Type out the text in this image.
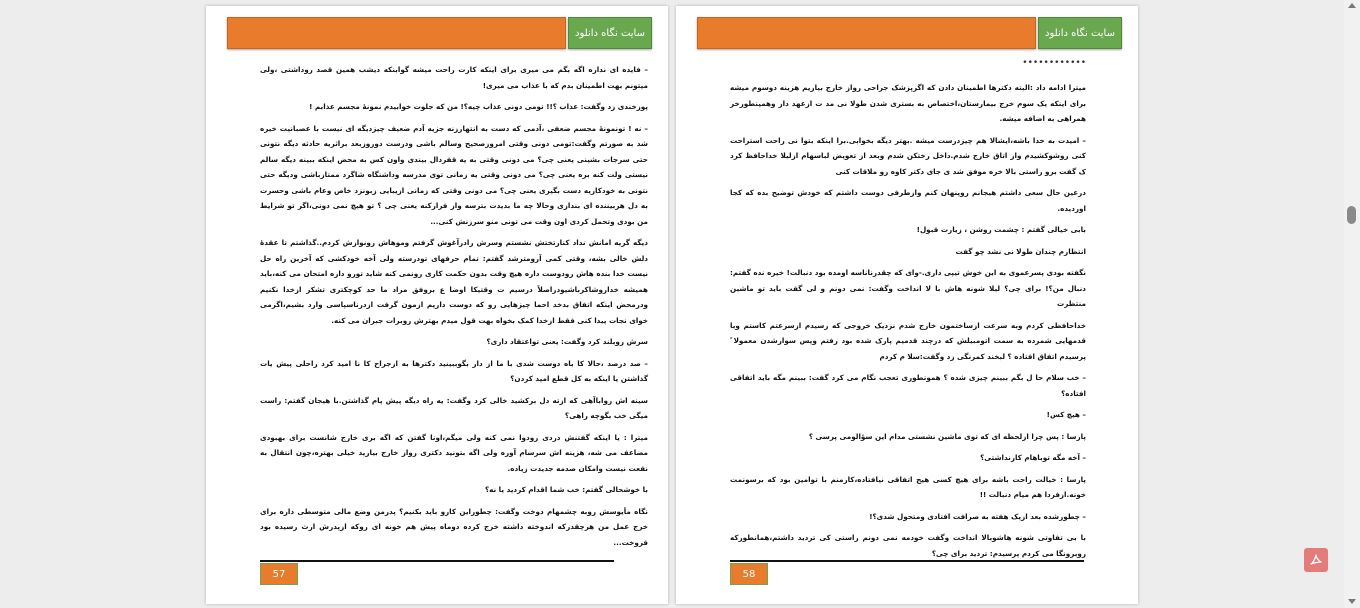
سایت نگاه دانلود

– فایده ای نداره اگه بگم می میری برای اینکه کارت راحت میشه گوابنکه دیشب همین قصد روداشتی ،ولی میتونم بهت اطمینان بدم که با عذاب می میری!

پوزخندی زد وگفت: عذاب ؟!! تومی دونی عذاب چیه؟! من که جلوت خوابیدم نمونهٔ مجسم عذابم !

– نه ! تونمونهٔ مجسم ضعفی ،آدمی که دست به انتهارزنه جزیه آدم ضعیف چیزدیگه ای نیست با عصبانیت خیره شد به صورتم وگفت:تومی دونی وقتی امروزصحیح وسالم باشی ودرست دوروزبعد براثریه حادثه دیگه نتونی حتی سرجات بشینی یعنی چی؟ می دونی وقتی به یه قفردال بیندی واون کس به محض اینکه ببینه دیگه سالم نیستی ولت کنه بره یعنی چی؟ می دونی وقتی یه زمانی توی مدرسه وداشنگاه شاگرد ممتازباشی ودیگه حتی نتونی به خودکاریه دست بگیری یعنی چی؟ می دونی وقتی که زمانی ازیبایی زبونزد خاص وعام باشی وحسرت به دل هربیننده ای بندازی وحالا چه ما بدیدت بترسه واز فرارکنه یعنی چی ؟ تو هیچ نمی دونی،اگر تو شرایط من بودی وتحمل کردی اون وقت می تونی منو سرزنش کنی...

دیگه گریه امانش نداد کنارتختش نشستم وسرش رادرآغوش گرفتم وموهاش رونوازش کردم..گذاشتم تا عقدهٔ دلش خالی بشه، وقتی کمی آرومترشد گفتم: تمام حرفهای تودرسته ولی آخه خودکشی که آخرین راه حل نیست خدا بنده هاش رودوست داره هیچ وقت بدون حکمت کاری رونمی کنه شاید تورو داره امتحان می کنه،باید همیشه خداروشاکرباشیودراصلاً درسیم ت وقتیکا اوضا ع بروفق مراد ما حد کوچکتری تشکر ازخدا نکنیم ودرمحض اینکه اتفاق بدخد احما چیزهایی رو که دوست داریم ازمون گرفت ازدرناسپاسی وارد بشیم،اگرمی خوای نجات پیدا کنی فقط ازخدا کمک بخواه بهت قول میدم بهترش روبرات جبران می کنه.

سرش روبلند کرد وگفت: یعنی تواعتقاد داری؟

– صد درصد ،حالا کا باه دوست شدی با ما از دار بگوببینید دکترها به ازجراح کا نا امید کرد راحلی پیش یات گذاشتن یا اینکه به کل قطع امید کردن؟

سینه اش رواباآهی که ازته دل برکشید خالی کرد وگفت: یه راه دیگه پیش پام گذاشتن.با هیجان گفتم: راست میگی خب بگوچه راهی؟

میترا : یا اینکه گفتنش دردی رودوا نمی کنه ولی میگم،اونا گفتن که اگه بری خارج شانست برای بهبودی مضاعف می شه، هزینه اش سرسام آوره ولی اگه بتونید دکتری رواز خارج بیارید خیلی بهتره،چون انتقال به نقعت نیست وامکان صدمه جدیدت زیاده.

با خوشحالی گفتم: خب شما اقدام کردید یا نه؟

نگاه مأیوسش روبه چشمهام دوخت وگفت: چطوراین کارو باید بکنیم؟ پدرمن وضع مالی متوسطی داره برای خرج عمل من هرچقدرکه اندوخته داشته خرج کرده دوماه پیش هم خونه ای روکه ازپدرش ارث رسیده بود فروخت...

57
سایت نگاه دانلود
••••••••••••

میترا ادامه داد :البته دکترها اطمینان دادن که اگرپزشک جراحی رواز خارج بیاریم هزینه دوسوم میشه برای اینکه یک سوم خرج بیمارستان،اختصاص به بستری شدن طولا نی مد ت ازعهد دار وهمینطورخر همراهی به اضافه میشه.

– امیدت به خدا باشه،ایشالا هم چیزدرست میشه .بهتر دیگه بخوابی.برا اینکه بتوا نی راحت استراحت کنی روشوکشیدم واز اتاق خارج شدم.داخل رختکن شدم وبعد از تعویض لباسهام ازلیلا خداحافظ کرد ک گفت برو راستی بالا خره موفق شد ی جای دکتر کاوه رو ملاقات کنی

درعین حال سعی داشتم هیجانم روپنهان کنم وازطرفی دوست داشتم که خودش توضیح بده که کجا اوردیده.

بابی خیالی گفتم : چشمت روشن ، زیارت قبول!

انتظارم چندان طولا نی نشد چو گفت

نگفته بودی پسرعموی به این خوش تیپی داری.-وای که چقدرناناسه اومده بود دنبالت! خیره نده گفتم: دنبال من؟! برای چی؟ لیلا شونه هاش با لا انداخت وگفت: نمی دونم و لی گفت باید تو ماشین منتظرت

خداحافظی کردم وبه سرعت ازساختمون خارج شدم نزدیک خروجی که رسیدم ازسرعتم کاستم وبا قدمهایی شمرده به سمت اتومبیلش که درچند قدمیم پارک شده بود رفتم وپس سوارشدن معمولا ً پرسیدم اتفاق افتاده ؟ لبخند کمرنگی زد وگفت:سلا م کردم

– خب سلام حا ل بگم ببینم چیزی شده ؟ همونطوری تعجب نگام می کرد گفت: ببینم مگه باید اتفاقی افتاده؟

– هیچ کس!

پارسا : پس چرا ازلحظه ای که توی ماشین نشستی مدام این سؤالومی پرسی ؟

– آخه مگه توباهام کارنداشتی؟

پارسا : خیالت راحت باشه برای هیچ کسی هیج اتفاقی نیافتاده،کارمنم با توامین بود که برسونمت خونه.ازفردا هم میام دنبالت !!

– چطورشده بعد ازیک هفته به صرافت افتادی ومتحول شدی؟!

با بی تفاوتی شونه هاشوبالا انداخت وگفت خودمه نمی دونم راستی کی تردید داشتم،همانطورکه روبرونگا می کردم پرسیدم: تردید برای چی؟

58
